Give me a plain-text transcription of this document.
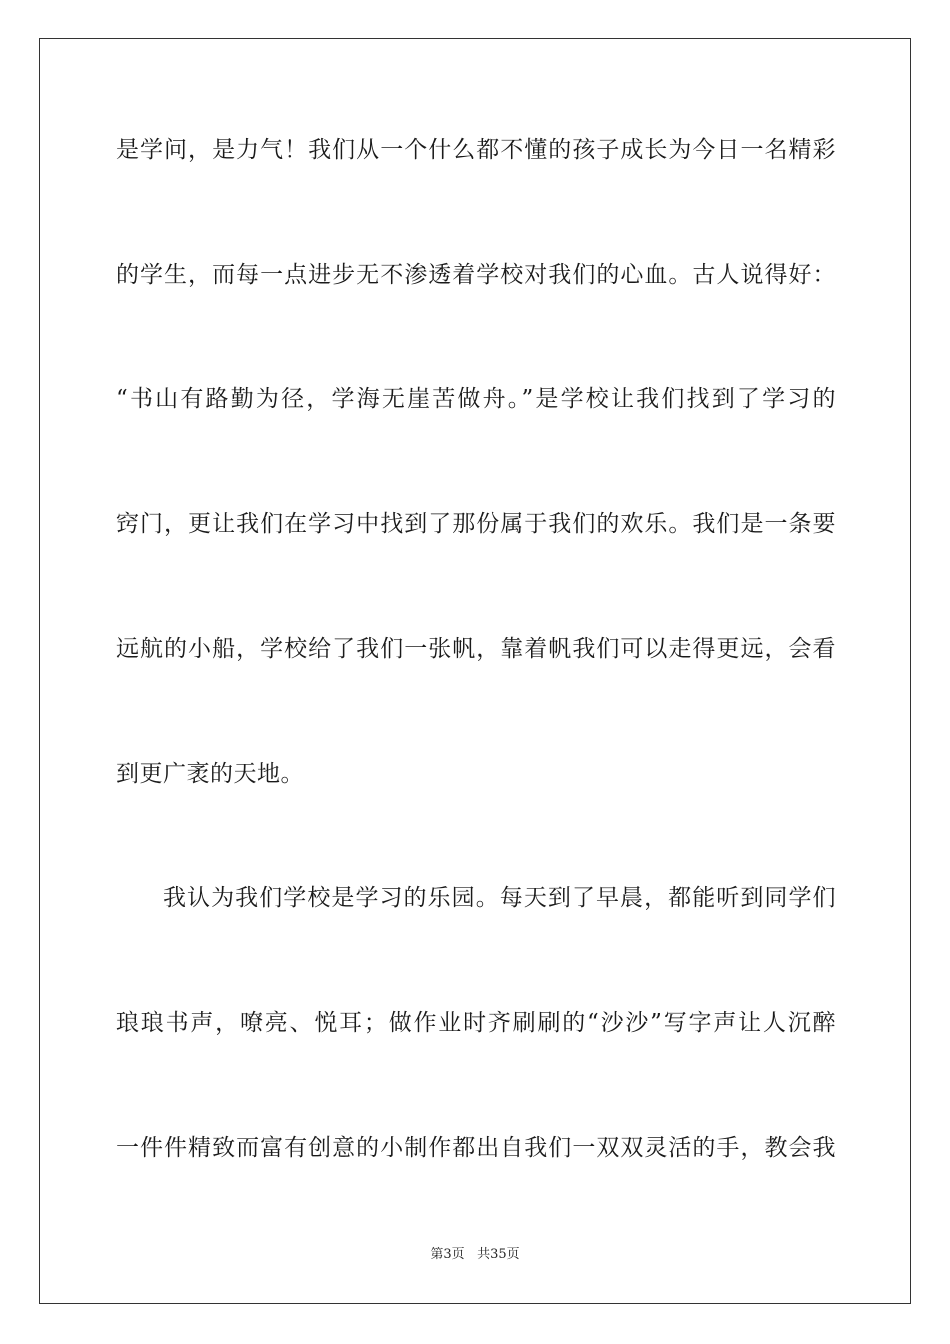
是学问，是力气！我们从一个什么都不懂的孩子成长为今日一名精彩
的学生，而每一点进步无不渗透着学校对我们的心血。古人说得好：
“书山有路勤为径，学海无崖苦做舟。”是学校让我们找到了学习的
窍门，更让我们在学习中找到了那份属于我们的欢乐。我们是一条要
远航的小船，学校给了我们一张帆，靠着帆我们可以走得更远，会看
到更广袤的天地。
我认为我们学校是学习的乐园。每天到了早晨，都能听到同学们
琅琅书声，嘹亮、悦耳；做作业时齐刷刷的“沙沙”写字声让人沉醉
一件件精致而富有创意的小制作都出自我们一双双灵活的手，教会我
第3页 共35页
